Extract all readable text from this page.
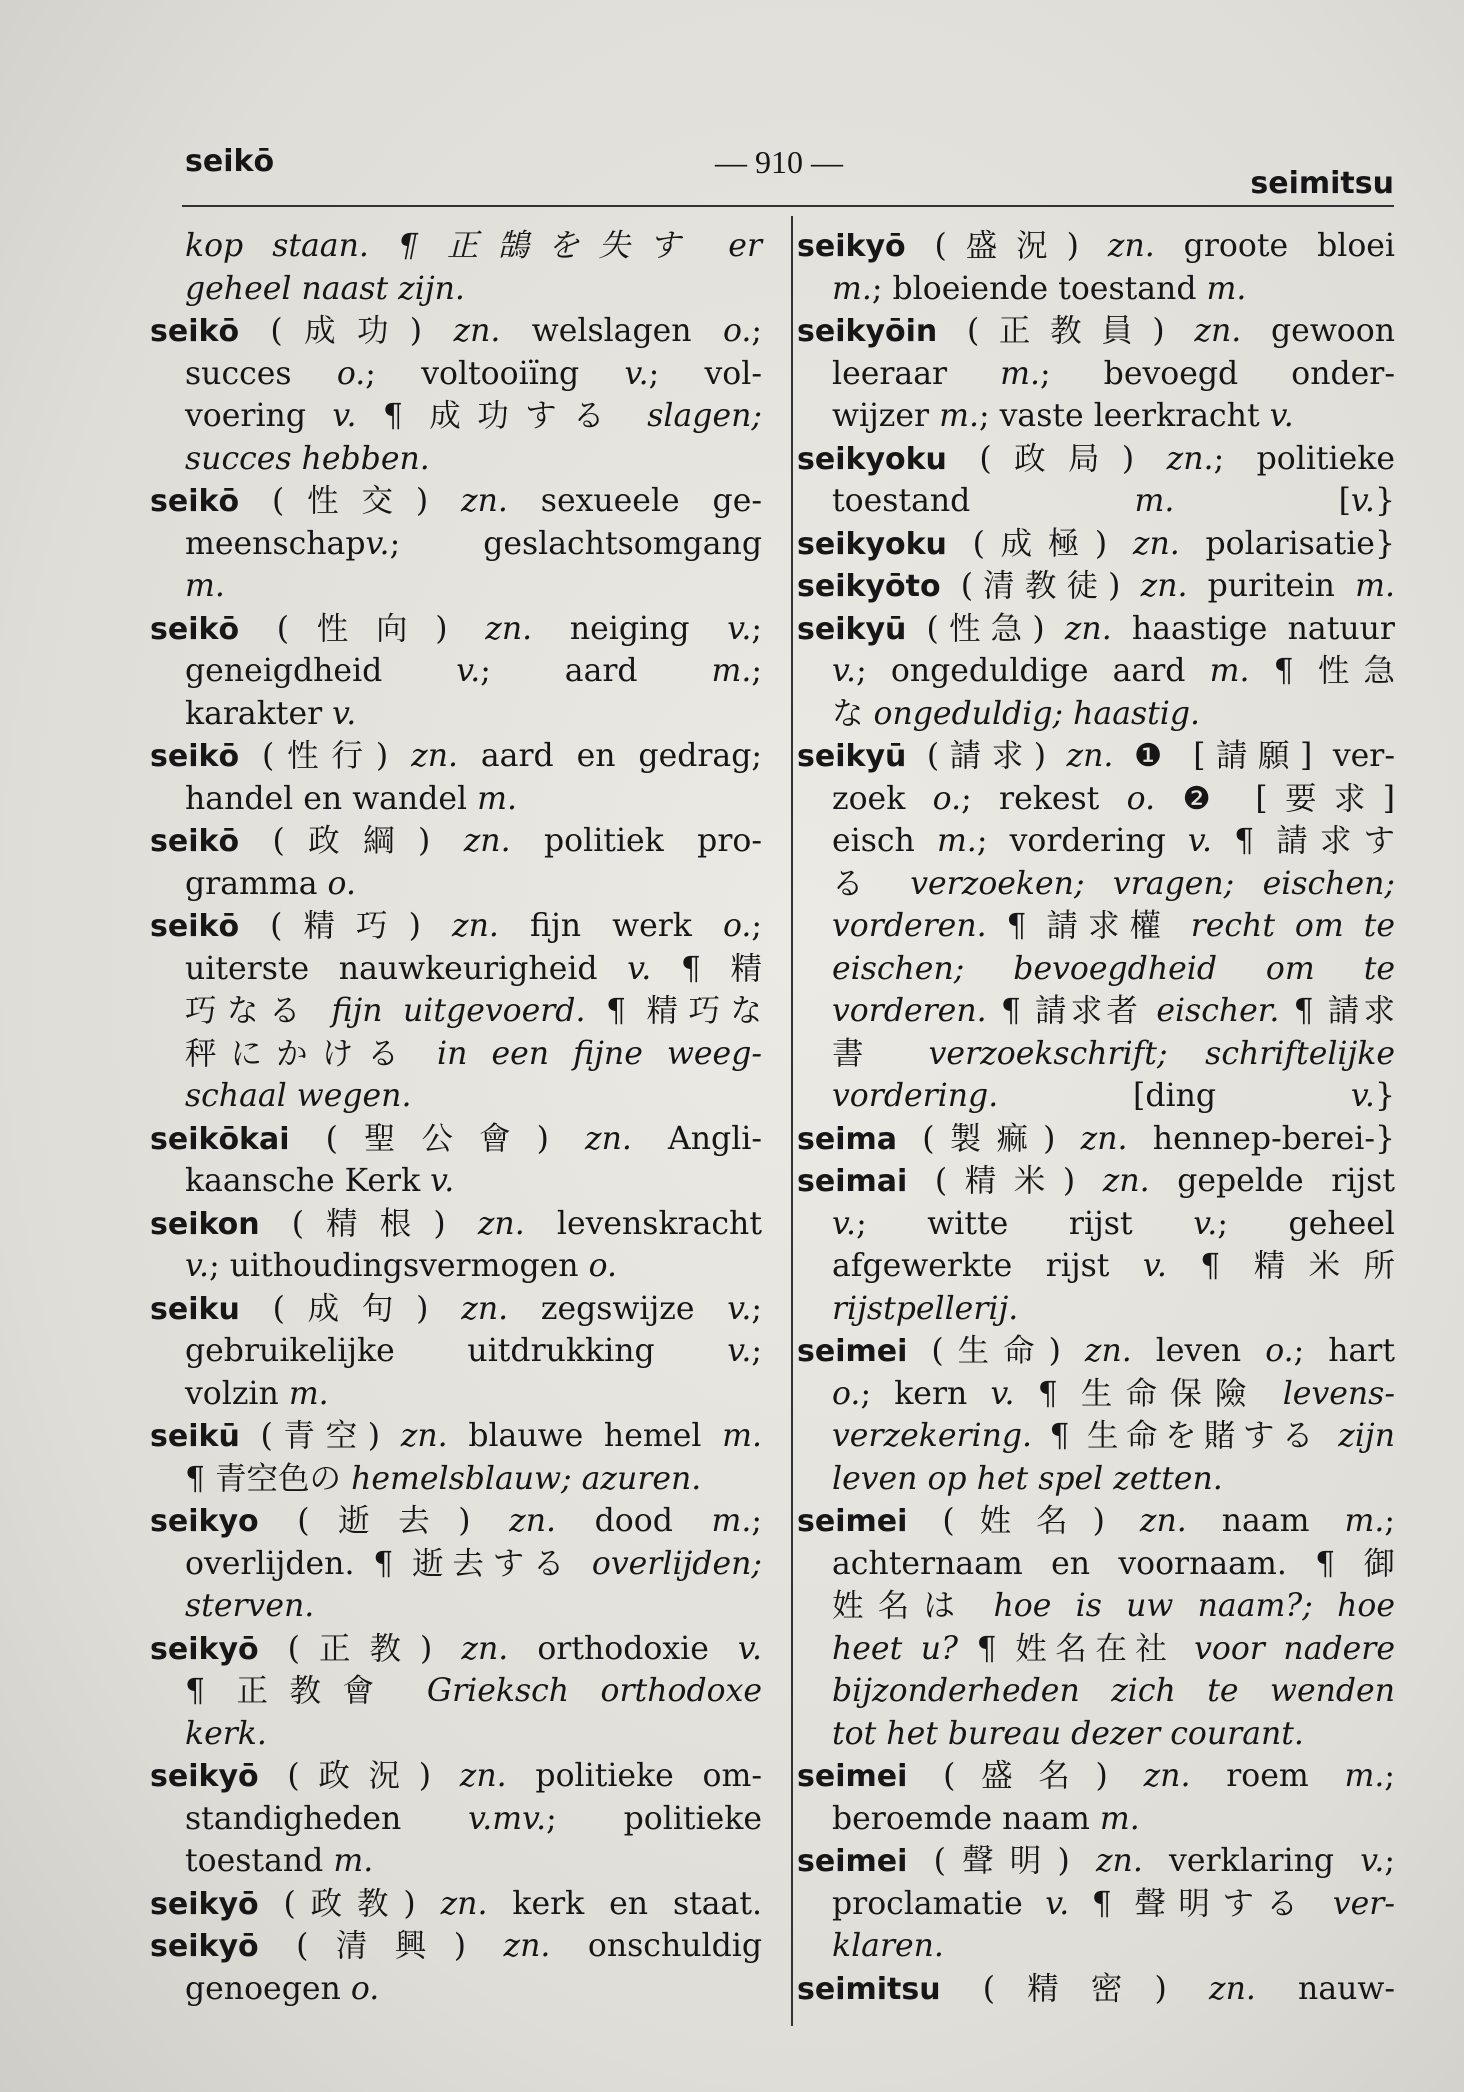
seikō	— 910 —
seimitsu
kop staan. ¶ 正鵠を失す er
geheel naast zijn.
seikō (成功) zn. welslagen o.;
succes o.; voltooiïng v.; vol-
voering v. ¶ 成功する slagen;
succes hebben.
seikō (性交) zn. sexueele ge-
meenschapv.; geslachtsomgang
m.
seikō (性向) zn. neiging v.;
geneigdheid v.; aard m.;
karakter v.
seikō (性行) zn. aard en gedrag;
handel en wandel m.
seikō (政綱) zn. politiek pro-
gramma o.
seikō (精巧) zn. fijn werk o.;
uiterste nauwkeurigheid v. ¶ 精
巧なる fijn uitgevoerd. ¶ 精巧な
秤にかける in een fijne weeg-
schaal wegen.
seikōkai (聖公會) zn. Angli-
kaansche Kerk v.
seikon (精根) zn. levenskracht
v.; uithoudingsvermogen o.
seiku (成句) zn. zegswijze v.;
gebruikelijke uitdrukking v.;
volzin m.
seikū (青空) zn. blauwe hemel m.
¶ 青空色の hemelsblauw; azuren.
seikyo (逝去) zn. dood m.;
overlijden. ¶ 逝去する overlijden;
sterven.
seikyō (正教) zn. orthodoxie v.
¶ 正教會 Grieksch orthodoxe
kerk.
seikyō (政況) zn. politieke om-
standigheden v.mv.; politieke
toestand m.
seikyō (政教) zn. kerk en staat.
seikyō (清興) zn. onschuldig
genoegen o.
seikyō (盛況) zn. groote bloei
m.; bloeiende toestand m.
seikyōin (正教員) zn. gewoon
leeraar m.; bevoegd onder-
wijzer m.; vaste leerkracht v.
seikyoku (政局) zn.; politieke
toestand m. [v.}
seikyoku (成極) zn. polarisatie}
seikyōto (清教徒) zn. puritein m.
seikyū (性急) zn. haastige natuur
v.; ongeduldige aard m. ¶ 性急
な ongeduldig; haastig.
seikyū (請求) zn. ❶ [請願] ver-
zoek o.; rekest o. ❷ [要求]
eisch m.; vordering v. ¶ 請求す
る verzoeken; vragen; eischen;
vorderen. ¶ 請求權 recht om te
eischen; bevoegdheid om te
vorderen. ¶ 請求者 eischer. ¶ 請求
書 verzoekschrift; schriftelijke
vordering. [ding v.}
seima (製痲) zn. hennep-berei-}
seimai (精米) zn. gepelde rijst
v.; witte rijst v.; geheel
afgewerkte rijst v. ¶ 精米所
rijstpellerij.
seimei (生命) zn. leven o.; hart
o.; kern v. ¶ 生命保險 levens-
verzekering. ¶ 生命を賭する zijn
leven op het spel zetten.
seimei (姓名) zn. naam m.;
achternaam en voornaam. ¶ 御
姓名は hoe is uw naam?; hoe
heet u? ¶ 姓名在社 voor nadere
bijzonderheden zich te wenden
tot het bureau dezer courant.
seimei (盛名) zn. roem m.;
beroemde naam m.
seimei (聲明) zn. verklaring v.;
proclamatie v. ¶ 聲明する ver-
klaren.
seimitsu (精密) zn. nauw-
